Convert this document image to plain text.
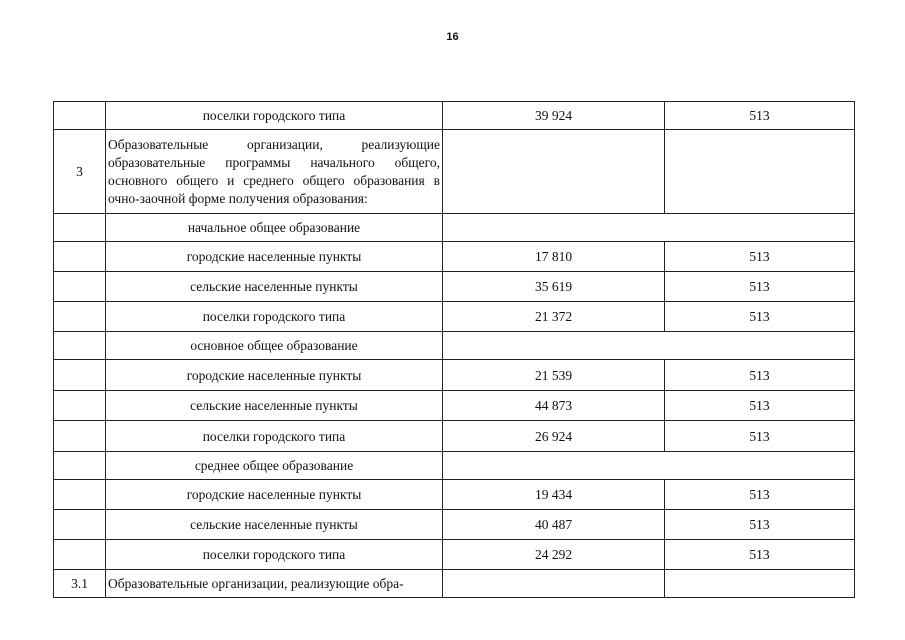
16
	поселки городского типа	39 924	513
3	Образовательные организации, реализующие образовательные программы начального общего, основного общего и среднего общего образования в очно-заочной форме получения образования:		
	начальное общее образование		
	городские населенные пункты	17 810	513
	сельские населенные пункты	35 619	513
	поселки городского типа	21 372	513
	основное общее образование		
	городские населенные пункты	21 539	513
	сельские населенные пункты	44 873	513
	поселки городского типа	26 924	513
	среднее общее образование		
	городские населенные пункты	19 434	513
	сельские населенные пункты	40 487	513
	поселки городского типа	24 292	513
3.1	Образовательные организации, реализующие обра-		
